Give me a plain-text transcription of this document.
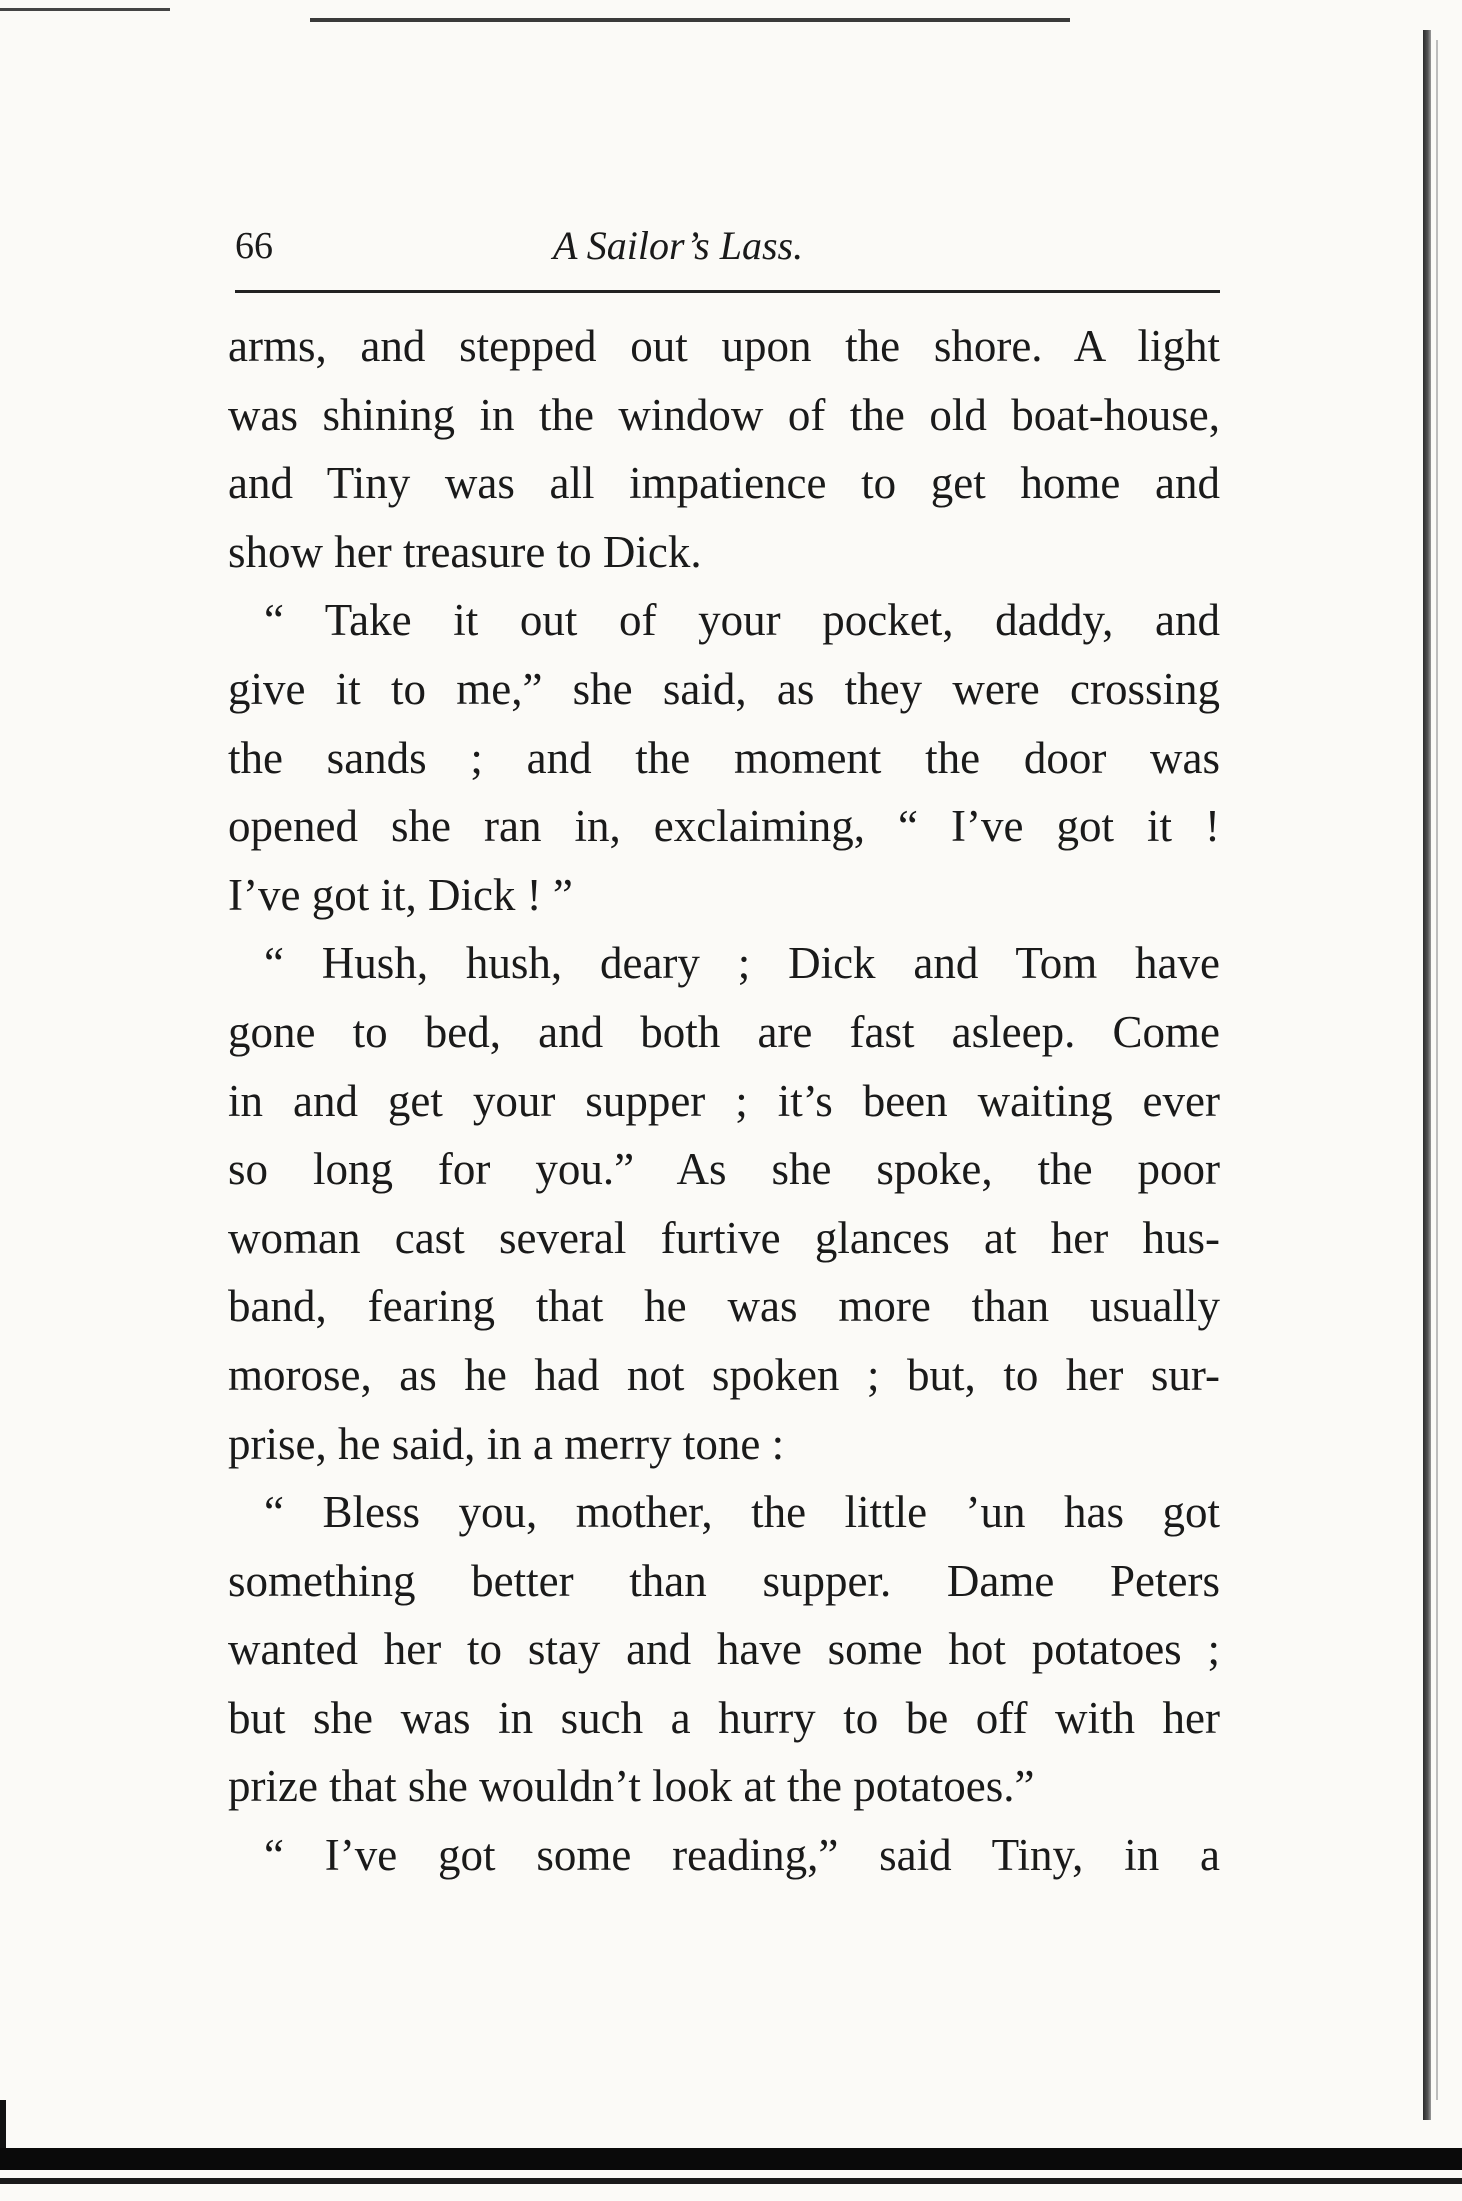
66	A Sailor’s Lass.
arms, and stepped out upon the shore. A light
was shining in the window of the old boat-house,
and Tiny was all impatience to get home and
show her treasure to Dick.
“ Take it out of your pocket, daddy, and
give it to me,” she said, as they were crossing
the sands ; and the moment the door was
opened she ran in, exclaiming, “ I’ve got it !
I’ve got it, Dick ! ”
“ Hush, hush, deary ; Dick and Tom have
gone to bed, and both are fast asleep. Come
in and get your supper ; it’s been waiting ever
so long for you.” As she spoke, the poor
woman cast several furtive glances at her hus-
band, fearing that he was more than usually
morose, as he had not spoken ; but, to her sur-
prise, he said, in a merry tone :
“ Bless you, mother, the little ’un has got
something better than supper. Dame Peters
wanted her to stay and have some hot potatoes ;
but she was in such a hurry to be off with her
prize that she wouldn’t look at the potatoes.”
“ I’ve got some reading,” said Tiny, in a
